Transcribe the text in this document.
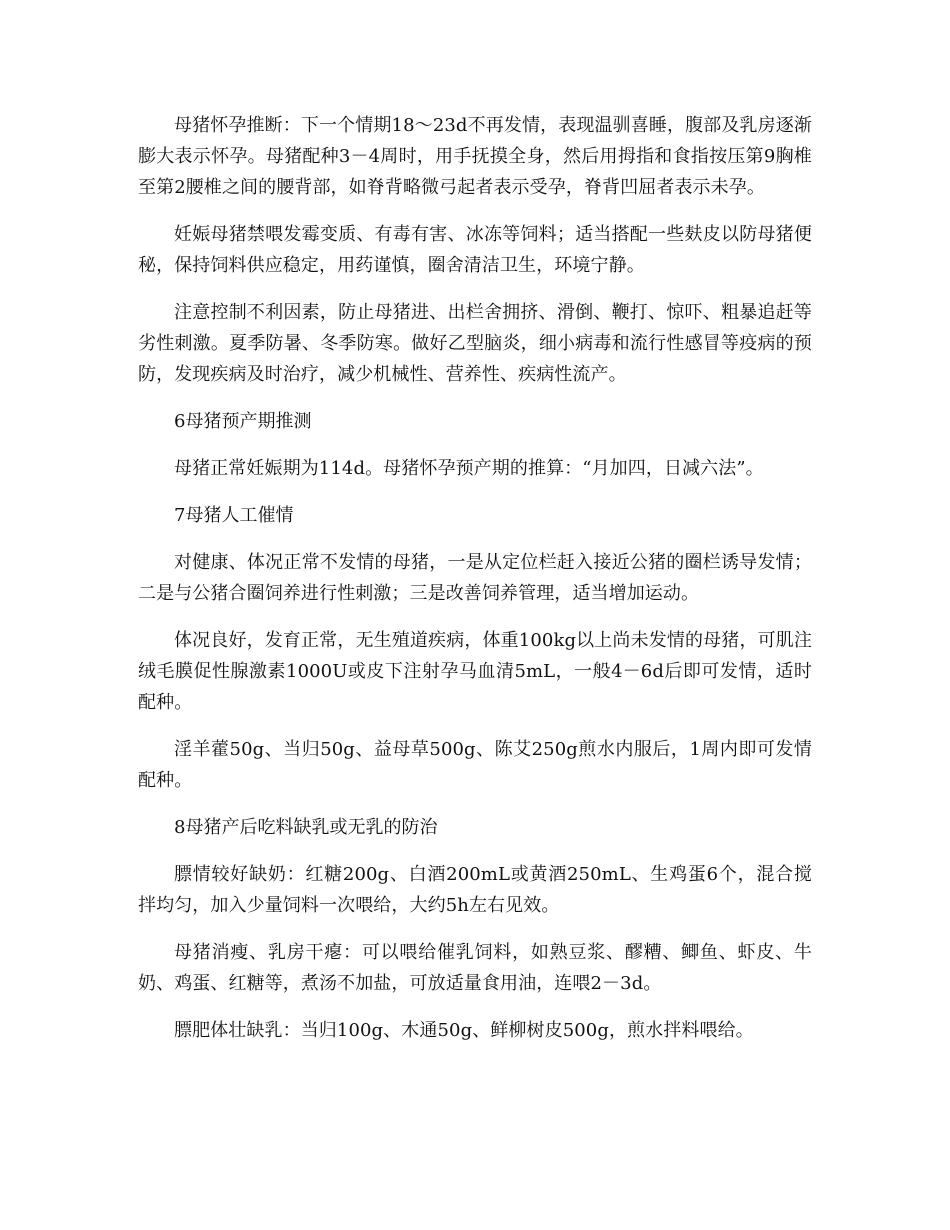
母猪怀孕推断：下一个情期18～23d不再发情，表现温驯喜睡，腹部及乳房逐渐膨大表示怀孕。母猪配种3－4周时，用手抚摸全身，然后用拇指和食指按压第9胸椎至第2腰椎之间的腰背部，如脊背略微弓起者表示受孕，脊背凹屈者表示未孕。

妊娠母猪禁喂发霉变质、有毒有害、冰冻等饲料；适当搭配一些麸皮以防母猪便秘，保持饲料供应稳定，用药谨慎，圈舍清洁卫生，环境宁静。

注意控制不利因素，防止母猪进、出栏舍拥挤、滑倒、鞭打、惊吓、粗暴追赶等劣性刺激。夏季防暑、冬季防寒。做好乙型脑炎，细小病毒和流行性感冒等疫病的预防，发现疾病及时治疗，减少机械性、营养性、疾病性流产。

6母猪预产期推测

母猪正常妊娠期为114d。母猪怀孕预产期的推算：“月加四，日减六法”。

7母猪人工催情

对健康、体况正常不发情的母猪，一是从定位栏赶入接近公猪的圈栏诱导发情；二是与公猪合圈饲养进行性刺激；三是改善饲养管理，适当增加运动。

体况良好，发育正常，无生殖道疾病，体重100kg以上尚未发情的母猪，可肌注绒毛膜促性腺激素1000U或皮下注射孕马血清5mL，一般4－6d后即可发情，适时配种。

淫羊藿50g、当归50g、益母草500g、陈艾250g煎水内服后，1周内即可发情配种。

8母猪产后吃料缺乳或无乳的防治

膘情较好缺奶：红糖200g、白酒200mL或黄酒250mL、生鸡蛋6个，混合搅拌均匀，加入少量饲料一次喂给，大约5h左右见效。

母猪消瘦、乳房干瘪：可以喂给催乳饲料，如熟豆浆、醪糟、鲫鱼、虾皮、牛奶、鸡蛋、红糖等，煮汤不加盐，可放适量食用油，连喂2－3d。

膘肥体壮缺乳：当归100g、木通50g、鲜柳树皮500g，煎水拌料喂给。
